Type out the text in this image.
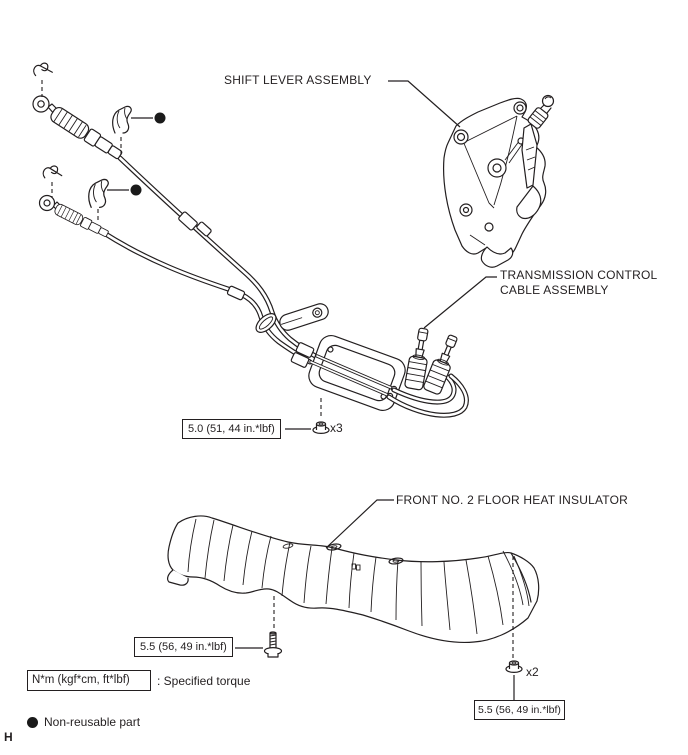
SHIFT LEVER ASSEMBLY
TRANSMISSION CONTROL
CABLE ASSEMBLY
FRONT NO. 2 FLOOR HEAT INSULATOR
5.0 (51, 44 in.*lbf)	x3
5.5 (56, 49 in.*lbf)
5.5 (56, 49 in.*lbf)
x2
N*m (kgf*cm, ft*lbf)	: Specified torque
Non-reusable part
H
